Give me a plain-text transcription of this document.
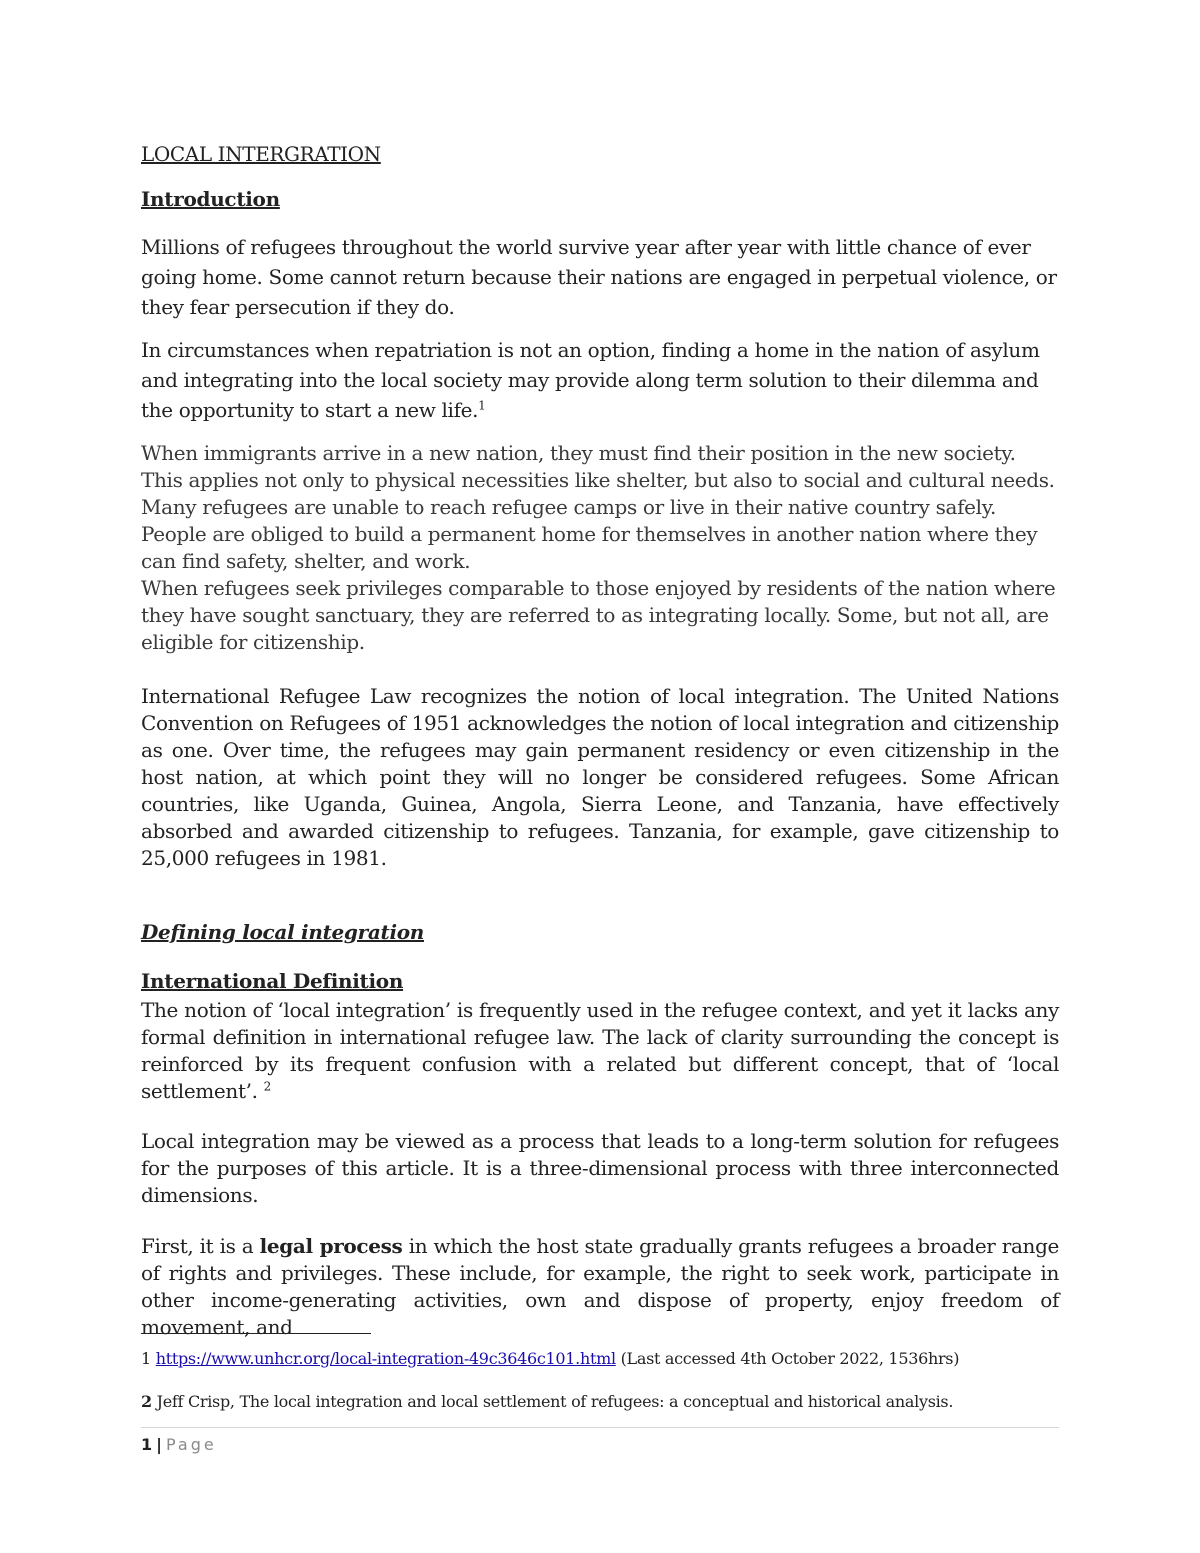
LOCAL INTERGRATION
Introduction

Millions of refugees throughout the world survive year after year with little chance of ever going home. Some cannot return because their nations are engaged in perpetual violence, or they fear persecution if they do.

In circumstances when repatriation is not an option, finding a home in the nation of asylum and integrating into the local society may provide along term solution to their dilemma and the opportunity to start a new life.$^1$

When immigrants arrive in a new nation, they must find their position in the new society. This applies not only to physical necessities like shelter, but also to social and cultural needs.

Many refugees are unable to reach refugee camps or live in their native country safely. People are obliged to build a permanent home for themselves in another nation where they can find safety, shelter, and work.

When refugees seek privileges comparable to those enjoyed by residents of the nation where they have sought sanctuary, they are referred to as integrating locally. Some, but not all, are eligible for citizenship.

International Refugee Law recognizes the notion of local integration. The United Nations Convention on Refugees of 1951 acknowledges the notion of local integration and citizenship as one. Over time, the refugees may gain permanent residency or even citizenship in the host nation, at which point they will no longer be considered refugees. Some African countries, like Uganda, Guinea, Angola, Sierra Leone, and Tanzania, have effectively absorbed and awarded citizenship to refugees. Tanzania, for example, gave citizenship to 25,000 refugees in 1981.

Defining local integration
International Definition

The notion of ‘local integration’ is frequently used in the refugee context, and yet it lacks any formal definition in international refugee law. The lack of clarity surrounding the concept is reinforced by its frequent confusion with a related but different concept, that of ‘local settlement’. $^2$

Local integration may be viewed as a process that leads to a long-term solution for refugees for the purposes of this article. It is a three-dimensional process with three interconnected dimensions.

First, it is a legal process in which the host state gradually grants refugees a broader range of rights and privileges. These include, for example, the right to seek work, participate in other income-generating activities, own and dispose of property, enjoy freedom of movement, and

1 https://www.unhcr.org/local-integration-49c3646c101.html (Last accessed 4th October 2022, 1536hrs)
2 Jeff Crisp, The local integration and local settlement of refugees: a conceptual and historical analysis.
1 | Page
